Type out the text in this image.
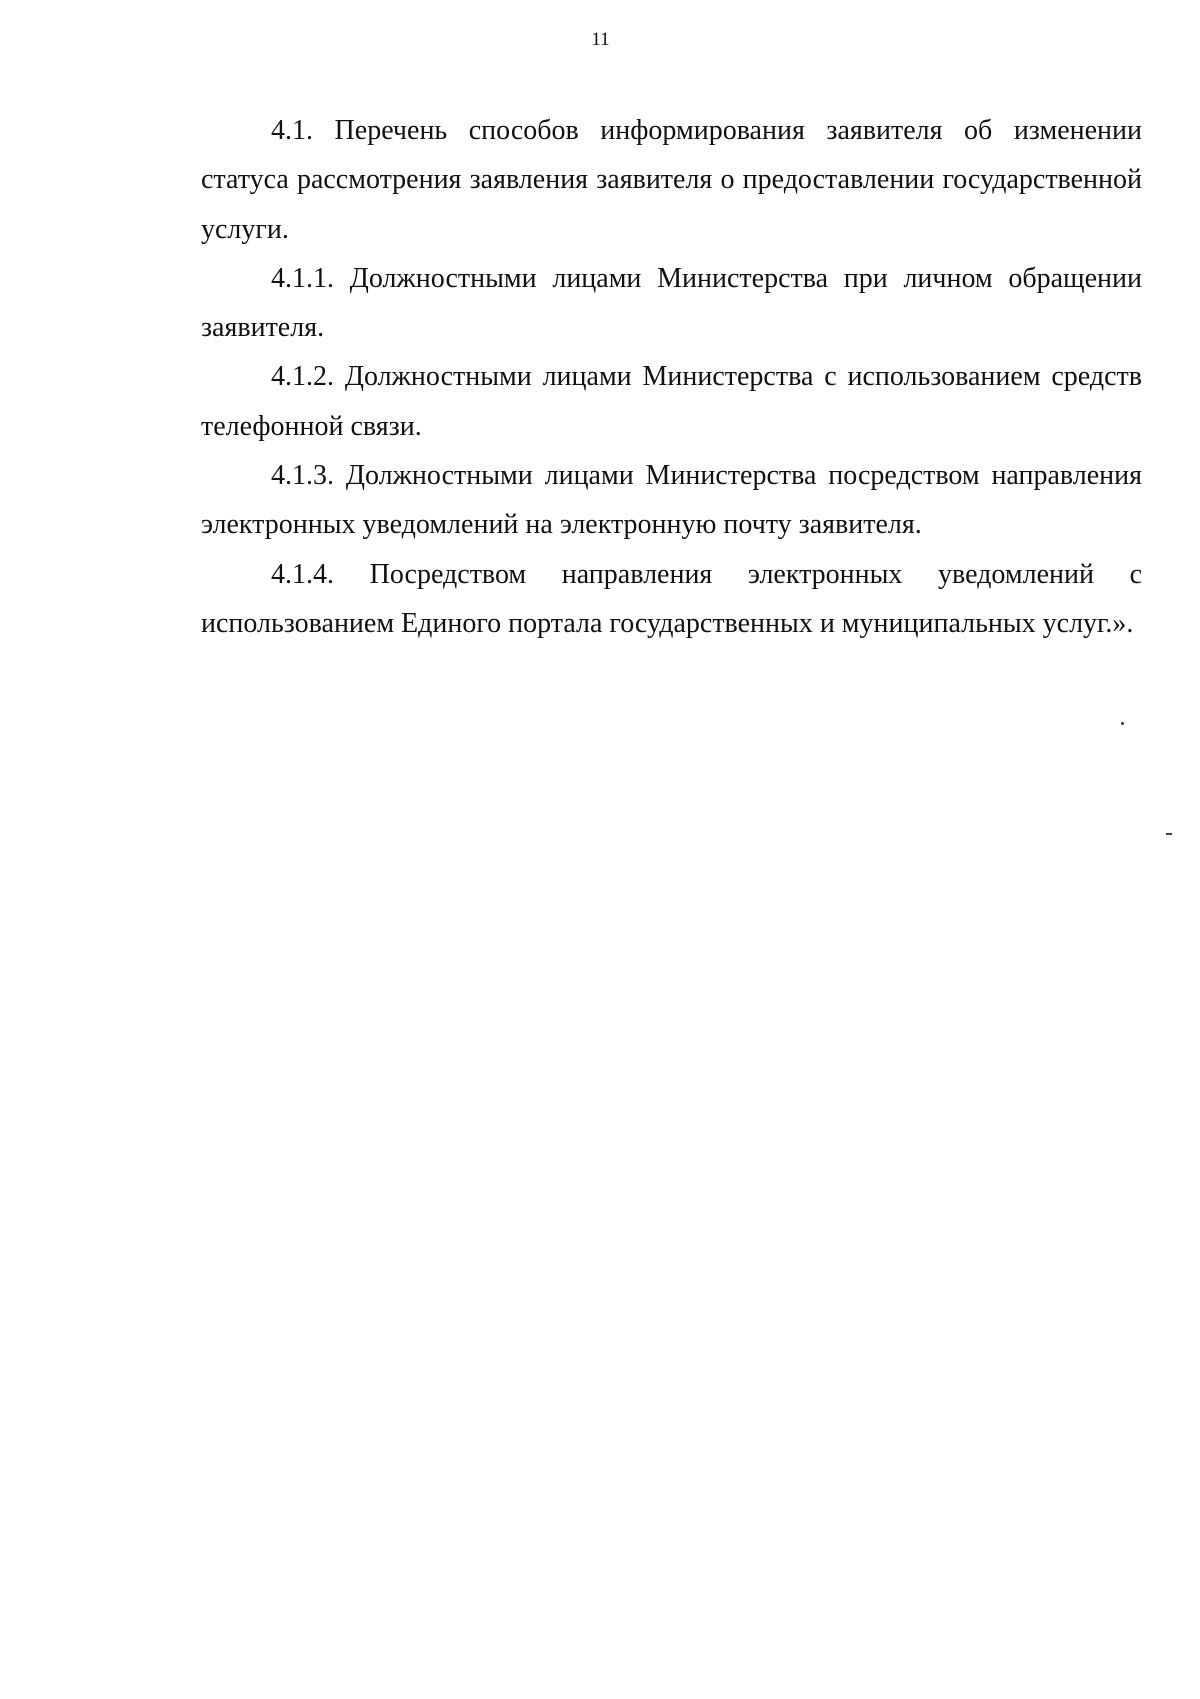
11

4.1. Перечень способов информирования заявителя об изменении статуса рассмотрения заявления заявителя о предоставлении государственной услуги.

4.1.1. Должностными лицами Министерства при личном обращении заявителя.

4.1.2. Должностными лицами Министерства с использованием средств телефонной связи.

4.1.3. Должностными лицами Министерства посредством направления электронных уведомлений на электронную почту заявителя.

4.1.4. Посредством направления электронных уведомлений с использованием Единого портала государственных и муниципальных услуг.».
